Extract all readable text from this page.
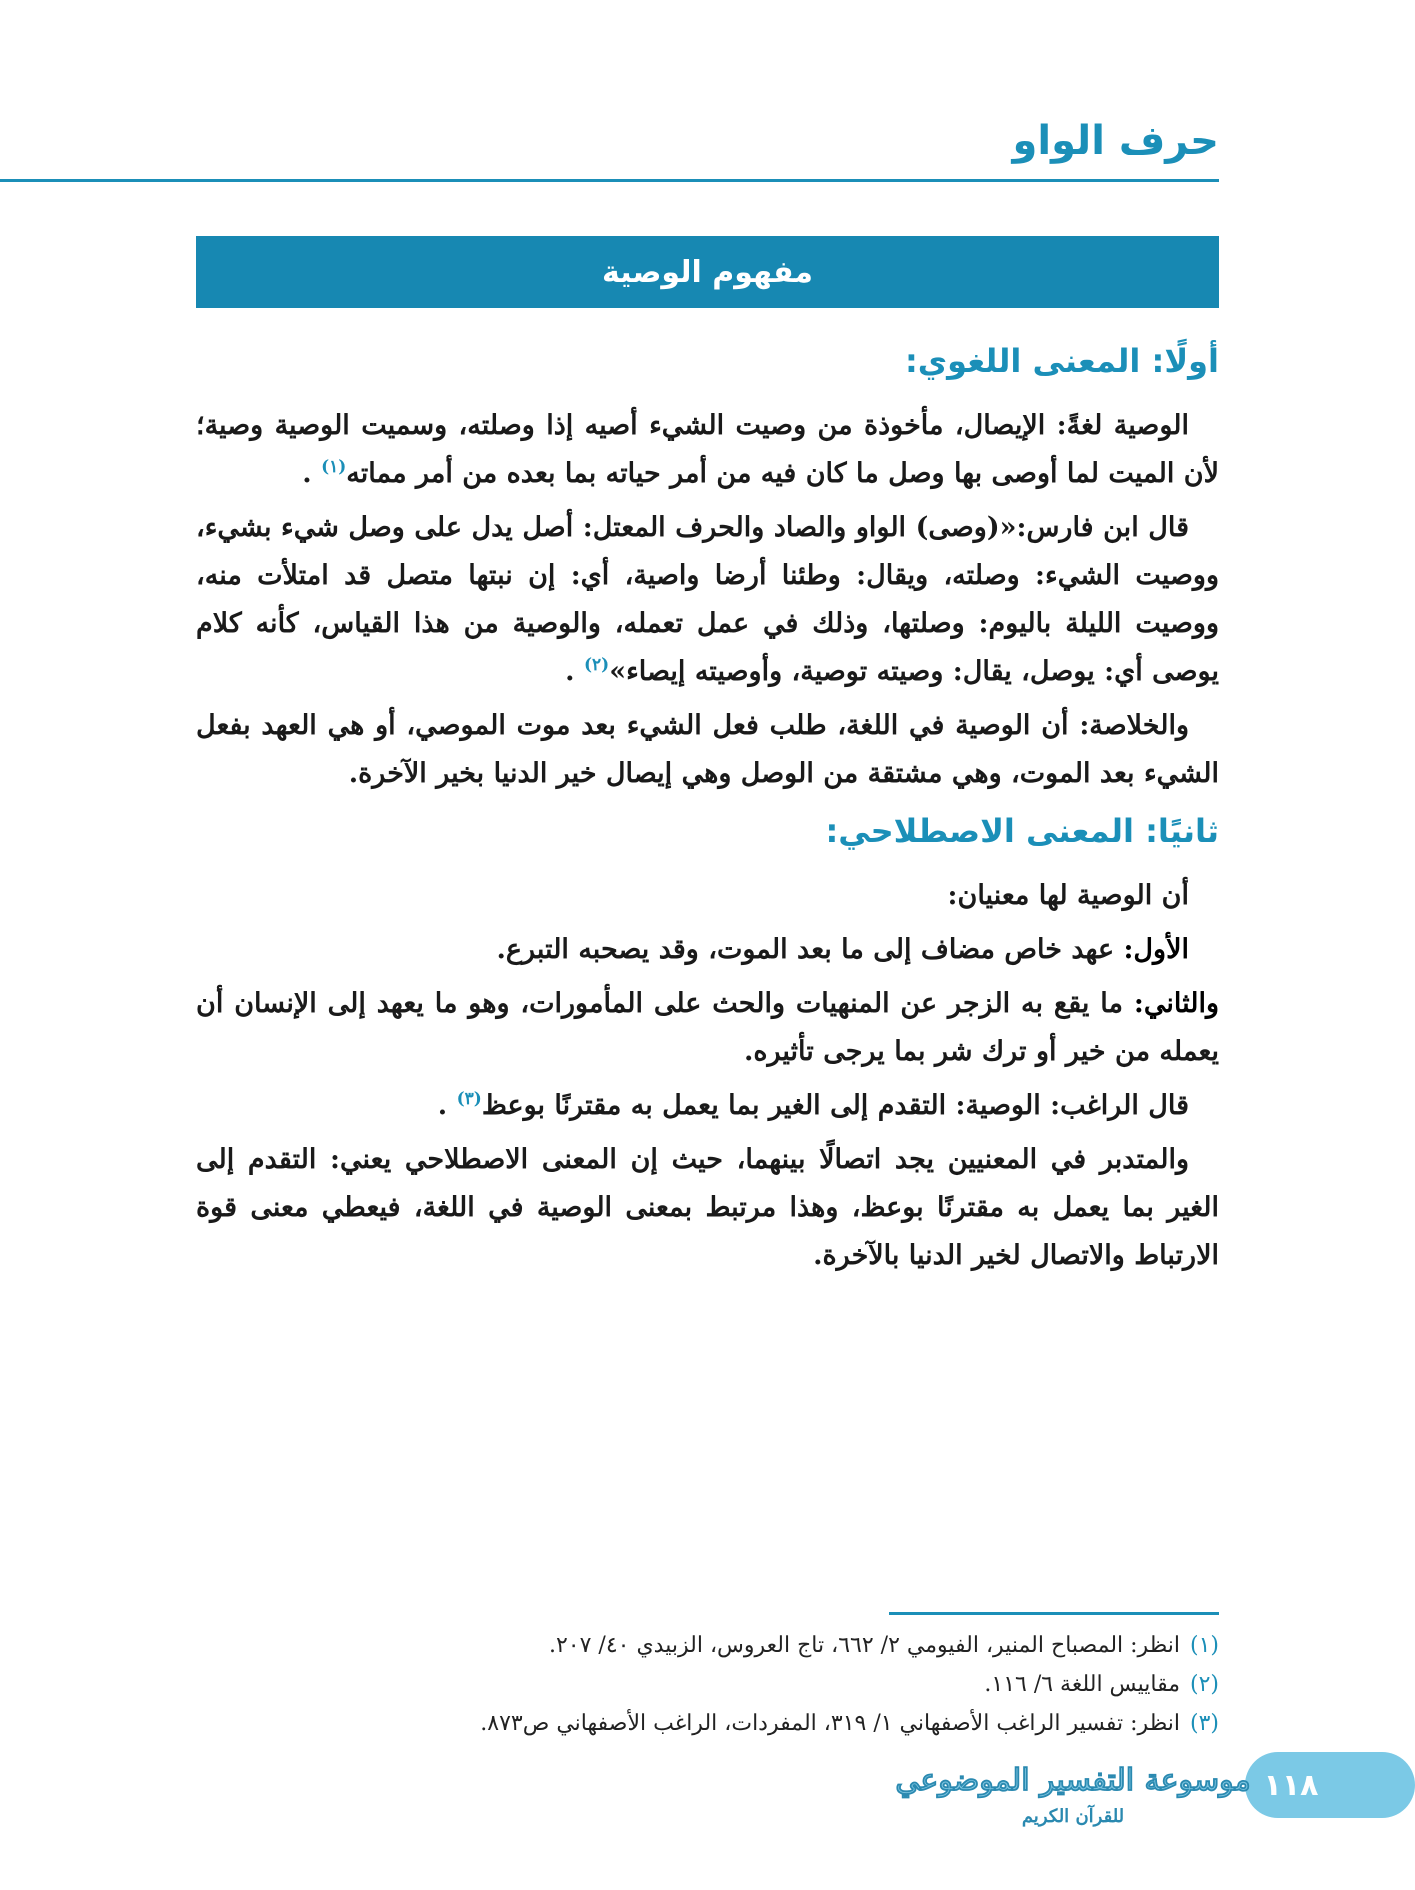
حرف الواو
مفهوم الوصية
أولًا: المعنى اللغوي:

الوصية لغةً: الإيصال، مأخوذة من وصيت الشيء أصيه إذا وصلته، وسميت الوصية وصية؛ لأن الميت لما أوصى بها وصل ما كان فيه من أمر حياته بما بعده من أمر مماته$^{(١)}$ .

قال ابن فارس:«(وصى) الواو والصاد والحرف المعتل: أصل يدل على وصل شيء بشيء، ووصيت الشيء: وصلته، ويقال: وطئنا أرضا واصية، أي: إن نبتها متصل قد امتلأت منه، ووصيت الليلة باليوم: وصلتها، وذلك في عمل تعمله، والوصية من هذا القياس، كأنه كلام يوصى أي: يوصل، يقال: وصيته توصية، وأوصيته إيصاء»$^{(٢)}$ .

والخلاصة: أن الوصية في اللغة، طلب فعل الشيء بعد موت الموصي، أو هي العهد بفعل الشيء بعد الموت، وهي مشتقة من الوصل وهي إيصال خير الدنيا بخير الآخرة.

ثانيًا: المعنى الاصطلاحي:

أن الوصية لها معنيان:

الأول: عهد خاص مضاف إلى ما بعد الموت، وقد يصحبه التبرع.

والثاني: ما يقع به الزجر عن المنهيات والحث على المأمورات، وهو ما يعهد إلى الإنسان أن يعمله من خير أو ترك شر بما يرجى تأثيره.

قال الراغب: الوصية: التقدم إلى الغير بما يعمل به مقترنًا بوعظ$^{(٣)}$ .

والمتدبر في المعنيين يجد اتصالًا بينهما، حيث إن المعنى الاصطلاحي يعني: التقدم إلى الغير بما يعمل به مقترنًا بوعظ، وهذا مرتبط بمعنى الوصية في اللغة، فيعطي معنى قوة الارتباط والاتصال لخير الدنيا بالآخرة.

(١)انظر: المصباح المنير، الفيومي ٢/ ٦٦٢، تاج العروس، الزبيدي ٤٠/ ٢٠٧.
(٢)مقاييس اللغة ٦/ ١١٦.
(٣)انظر: تفسير الراغب الأصفهاني ١/ ٣١٩، المفردات، الراغب الأصفهاني ص٨٧٣.
١١٨
موسوعة التفسير الموضوعي
للقرآن الكريم
